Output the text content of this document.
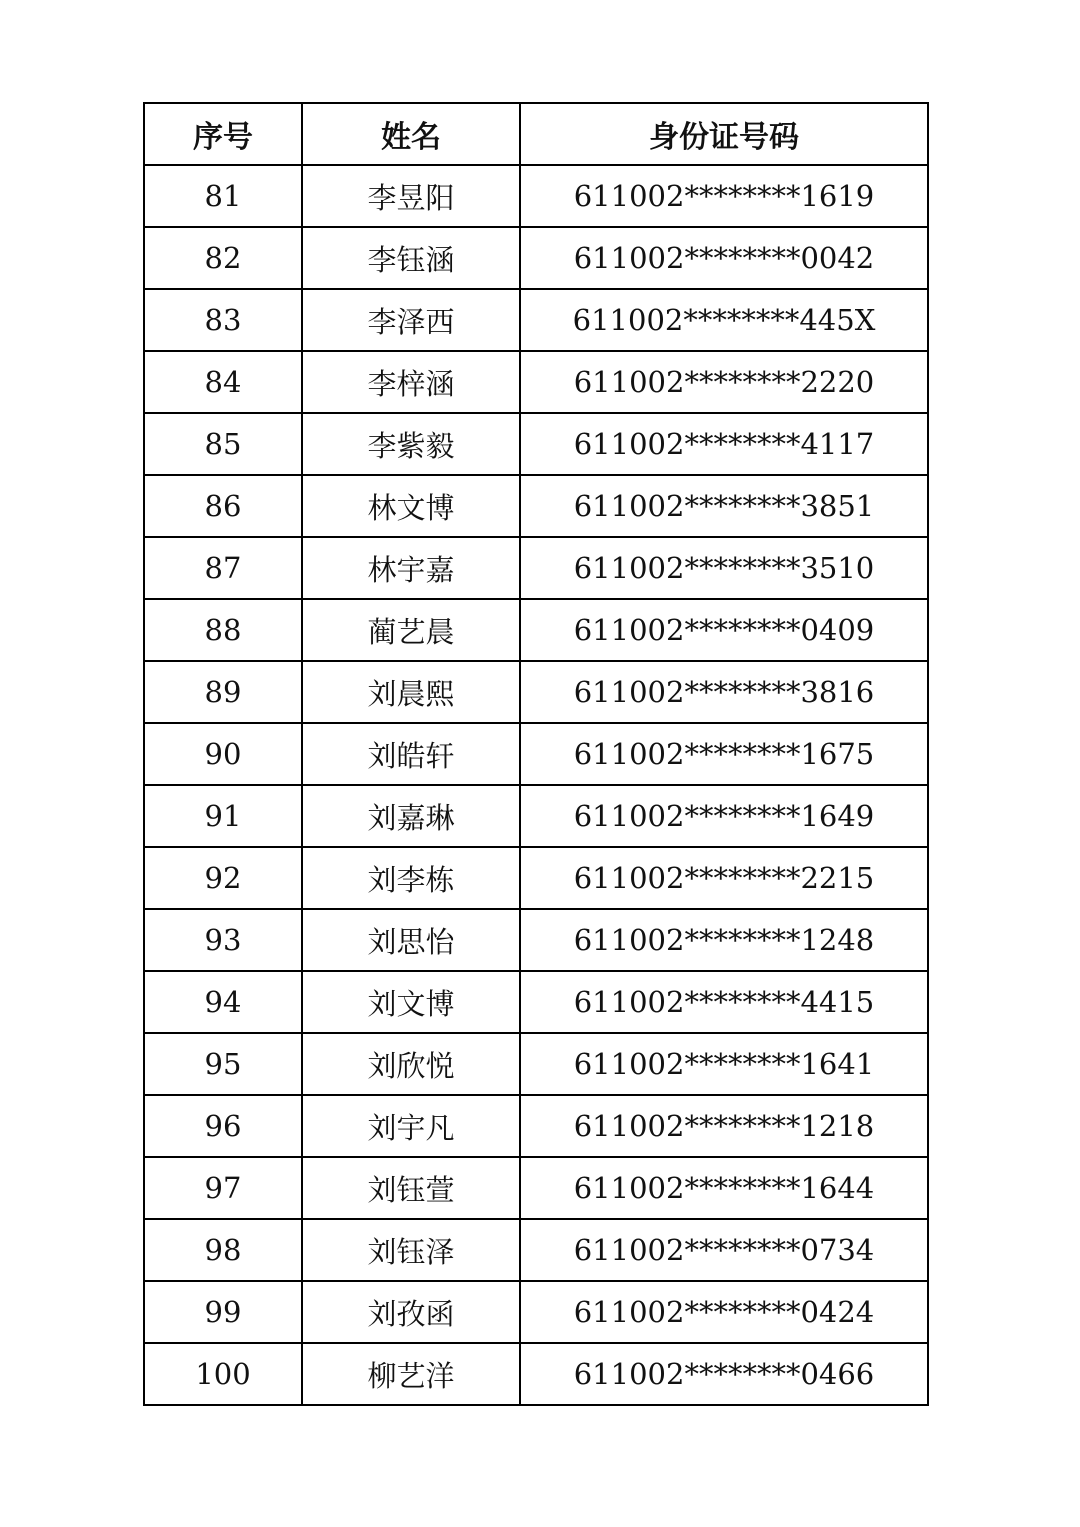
序号	姓名	身份证号码
81	李昱阳	611002********1619
82	李钰涵	611002********0042
83	李泽西	611002********445X
84	李梓涵	611002********2220
85	李紫毅	611002********4117
86	林文博	611002********3851
87	林宇嘉	611002********3510
88	蔺艺晨	611002********0409
89	刘晨熙	611002********3816
90	刘皓轩	611002********1675
91	刘嘉琳	611002********1649
92	刘李栋	611002********2215
93	刘思怡	611002********1248
94	刘文博	611002********4415
95	刘欣悦	611002********1641
96	刘宇凡	611002********1218
97	刘钰萱	611002********1644
98	刘钰泽	611002********0734
99	刘孜函	611002********0424
100	柳艺洋	611002********0466
